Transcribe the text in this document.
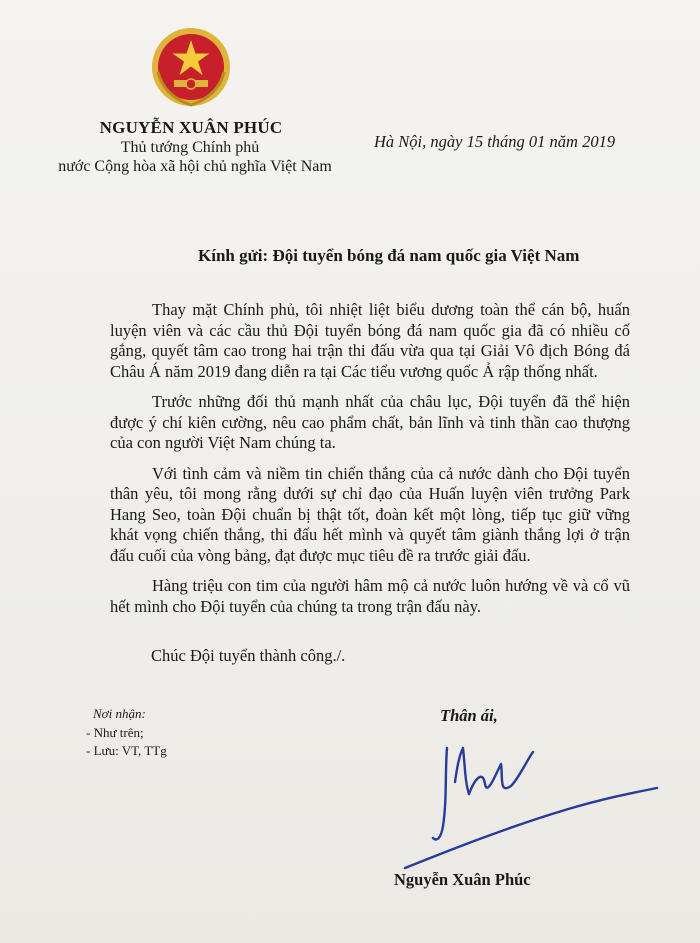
NGUYỄN XUÂN PHÚC
Thủ tướng Chính phủ
nước Cộng hòa xã hội chủ nghĩa Việt Nam
Hà Nội, ngày 15 tháng 01 năm 2019
Kính gửi: Đội tuyển bóng đá nam quốc gia Việt Nam

Thay mặt Chính phủ, tôi nhiệt liệt biểu dương toàn thể cán bộ, huấn luyện viên và các cầu thủ Đội tuyển bóng đá nam quốc gia đã có nhiều cố gắng, quyết tâm cao trong hai trận thi đấu vừa qua tại Giải Vô địch Bóng đá Châu Á năm 2019 đang diễn ra tại Các tiểu vương quốc Ả rập thống nhất.

Trước những đối thủ mạnh nhất của châu lục, Đội tuyển đã thể hiện được ý chí kiên cường, nêu cao phẩm chất, bản lĩnh và tinh thần cao thượng của con người Việt Nam chúng ta.

Với tình cảm và niềm tin chiến thắng của cả nước dành cho Đội tuyển thân yêu, tôi mong rằng dưới sự chỉ đạo của Huấn luyện viên trưởng Park Hang Seo, toàn Đội chuẩn bị thật tốt, đoàn kết một lòng, tiếp tục giữ vững khát vọng chiến thắng, thi đấu hết mình và quyết tâm giành thắng lợi ở trận đấu cuối của vòng bảng, đạt được mục tiêu đề ra trước giải đấu.

Hàng triệu con tim của người hâm mộ cả nước luôn hướng về và cổ vũ hết mình cho Đội tuyển của chúng ta trong trận đấu này.

Chúc Đội tuyển thành công./.
Nơi nhận:
- Như trên;
- Lưu: VT, TTg
Thân ái,
Nguyễn Xuân Phúc
